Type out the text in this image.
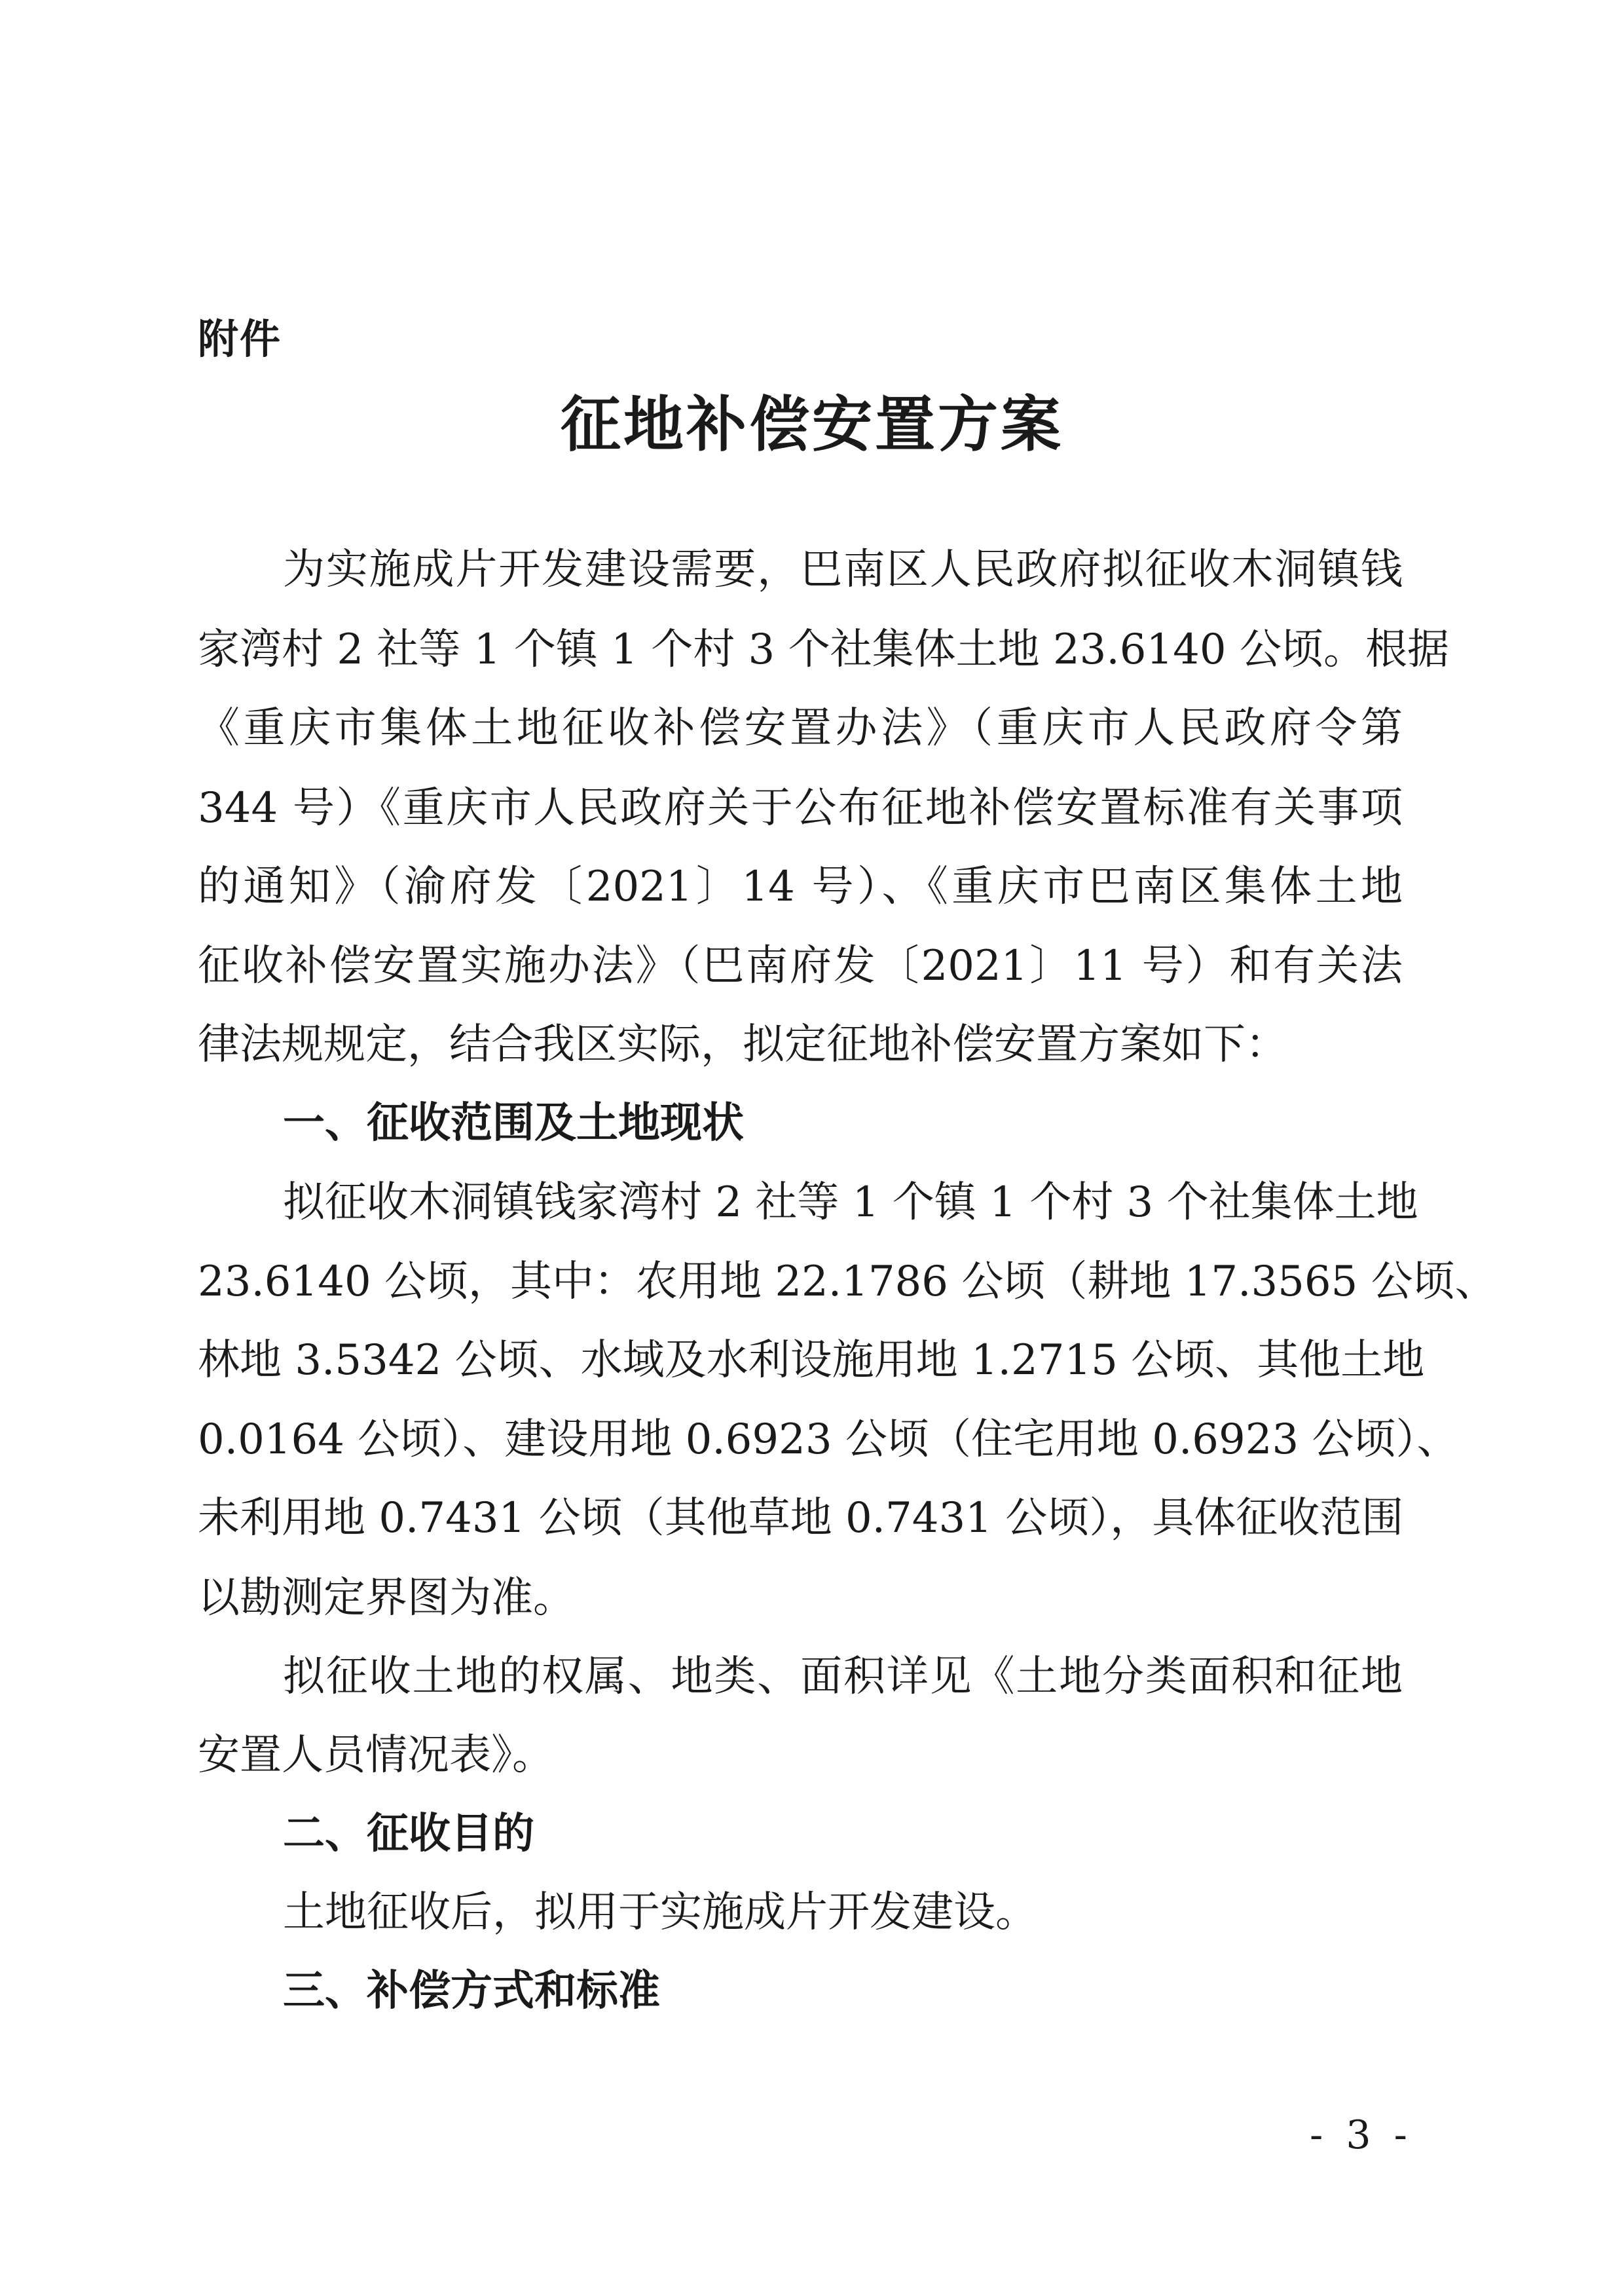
附件
征地补偿安置方案
为实施成片开发建设需要，巴南区人民政府拟征收木洞镇钱
家湾村 2 社等 1 个镇 1 个村 3 个社集体土地 23.6140 公顷。根据
《重庆市集体土地征收补偿安置办法》（重庆市人民政府令第
344 号）《重庆市人民政府关于公布征地补偿安置标准有关事项
的通知》（渝府发〔2021〕14 号）、《重庆市巴南区集体土地
征收补偿安置实施办法》（巴南府发〔2021〕11 号）和有关法
律法规规定，结合我区实际，拟定征地补偿安置方案如下：
一、征收范围及土地现状
拟征收木洞镇钱家湾村 2 社等 1 个镇 1 个村 3 个社集体土地
23.6140 公顷，其中：农用地 22.1786 公顷（耕地 17.3565 公顷、
林地 3.5342 公顷、水域及水利设施用地 1.2715 公顷、其他土地
0.0164 公顷）、建设用地 0.6923 公顷（住宅用地 0.6923 公顷）、
未利用地 0.7431 公顷（其他草地 0.7431 公顷），具体征收范围
以勘测定界图为准。
拟征收土地的权属、地类、面积详见《土地分类面积和征地
安置人员情况表》。
二、征收目的
土地征收后，拟用于实施成片开发建设。
三、补偿方式和标准
- 3 -
